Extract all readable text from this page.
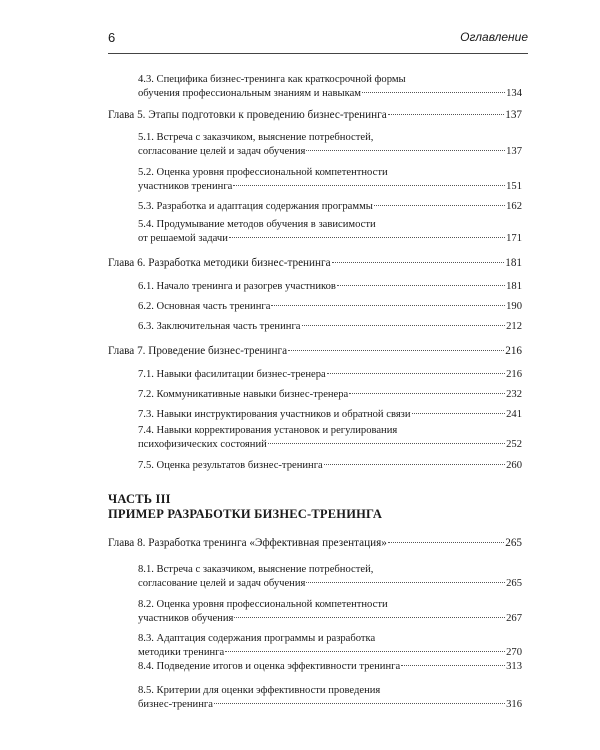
6	Оглавление
ЧАСТЬ III
ПРИМЕР РАЗРАБОТКИ БИЗНЕС-ТРЕНИНГА
4.3. Специфика бизнес-тренинга как краткосрочной формы
обучения профессиональным знаниям и навыкам	134
Глава 5. Этапы подготовки к проведению бизнес-тренинга	137
5.1. Встреча с заказчиком, выяснение потребностей,
согласование целей и задач обучения	137
5.2. Оценка уровня профессиональной компетентности
участников тренинга	151
5.3. Разработка и адаптация содержания программы	162
5.4. Продумывание методов обучения в зависимости
от решаемой задачи	171
Глава 6. Разработка методики бизнес-тренинга	181
6.1. Начало тренинга и разогрев участников	181
6.2. Основная часть тренинга	190
6.3. Заключительная часть тренинга	212
Глава 7. Проведение бизнес-тренинга	216
7.1. Навыки фасилитации бизнес-тренера	216
7.2. Коммуникативные навыки бизнес-тренера	232
7.3. Навыки инструктирования участников и обратной связи	241
7.4. Навыки корректирования установок и регулирования
психофизических состояний	252
7.5. Оценка результатов бизнес-тренинга	260
Глава 8. Разработка тренинга «Эффективная презентация»	265
8.1. Встреча с заказчиком, выяснение потребностей,
согласование целей и задач обучения	265
8.2. Оценка уровня профессиональной компетентности
участников обучения	267
8.3. Адаптация содержания программы и разработка
методики тренинга	270
8.4. Подведение итогов и оценка эффективности тренинга	313
8.5. Критерии для оценки эффективности проведения
бизнес-тренинга	316
